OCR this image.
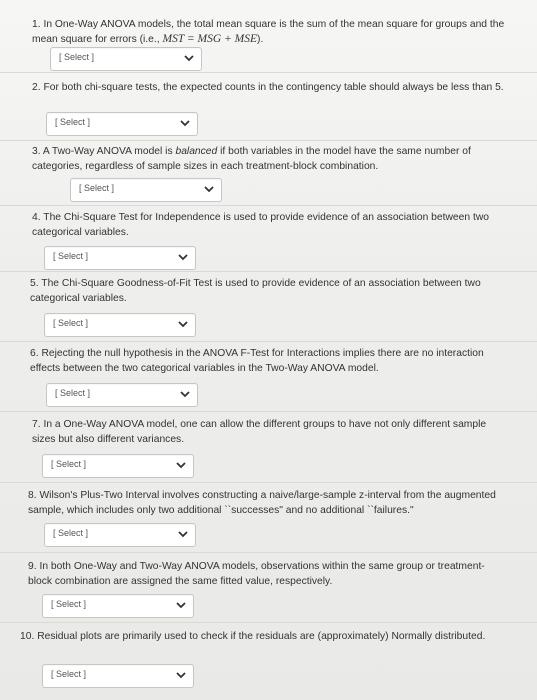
1. In One-Way ANOVA models, the total mean square is the sum of the mean square for groups and the mean square for errors (i.e., MST = MSG + MSE).
[ Select ]
2. For both chi-square tests, the expected counts in the contingency table should always be less than 5.
[ Select ]
3. A Two-Way ANOVA model is balanced if both variables in the model have the same number of categories, regardless of sample sizes in each treatment-block combination.
[ Select ]
4. The Chi-Square Test for Independence is used to provide evidence of an association between two categorical variables.
[ Select ]
5. The Chi-Square Goodness-of-Fit Test is used to provide evidence of an association between two categorical variables.
[ Select ]
6. Rejecting the null hypothesis in the ANOVA F-Test for Interactions implies there are no interaction effects between the two categorical variables in the Two-Way ANOVA model.
[ Select ]
7. In a One-Way ANOVA model, one can allow the different groups to have not only different sample sizes but also different variances.
[ Select ]
8. Wilson's Plus-Two Interval involves constructing a naive/large-sample z-interval from the augmented sample, which includes only two additional ``successes" and no additional ``failures."
[ Select ]
9. In both One-Way and Two-Way ANOVA models, observations within the same group or treatment-block combination are assigned the same fitted value, respectively.
[ Select ]
10. Residual plots are primarily used to check if the residuals are (approximately) Normally distributed.
[ Select ]
